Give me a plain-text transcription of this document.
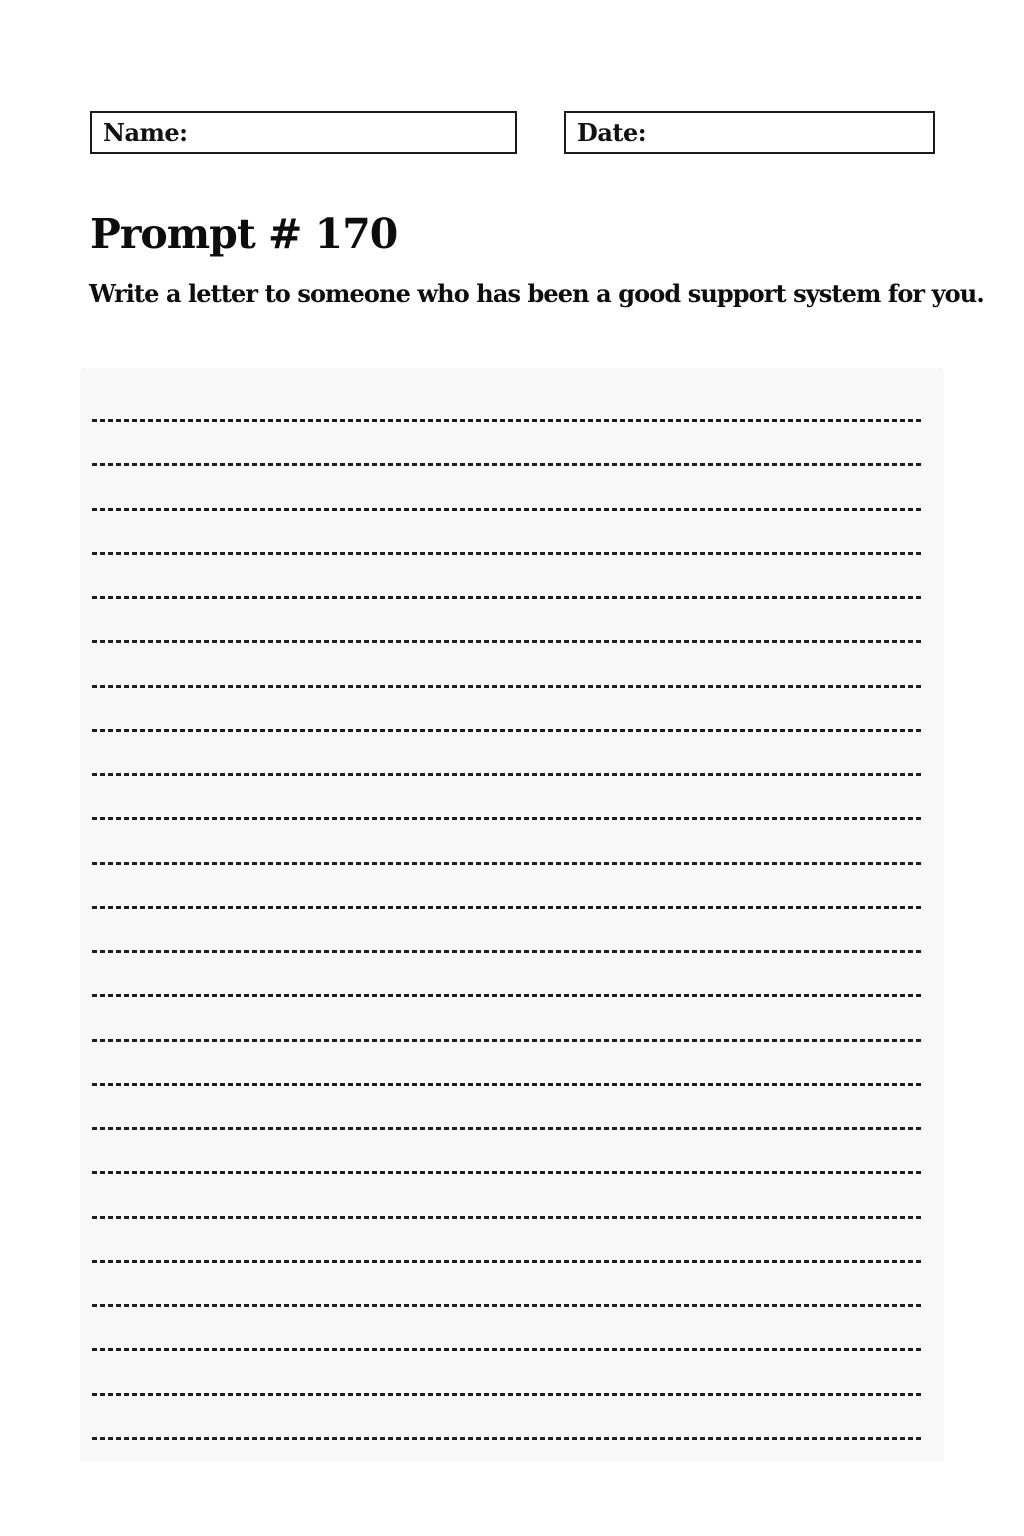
Name:	Date:
Prompt # 170
Write a letter to someone who has been a good support system for you.
